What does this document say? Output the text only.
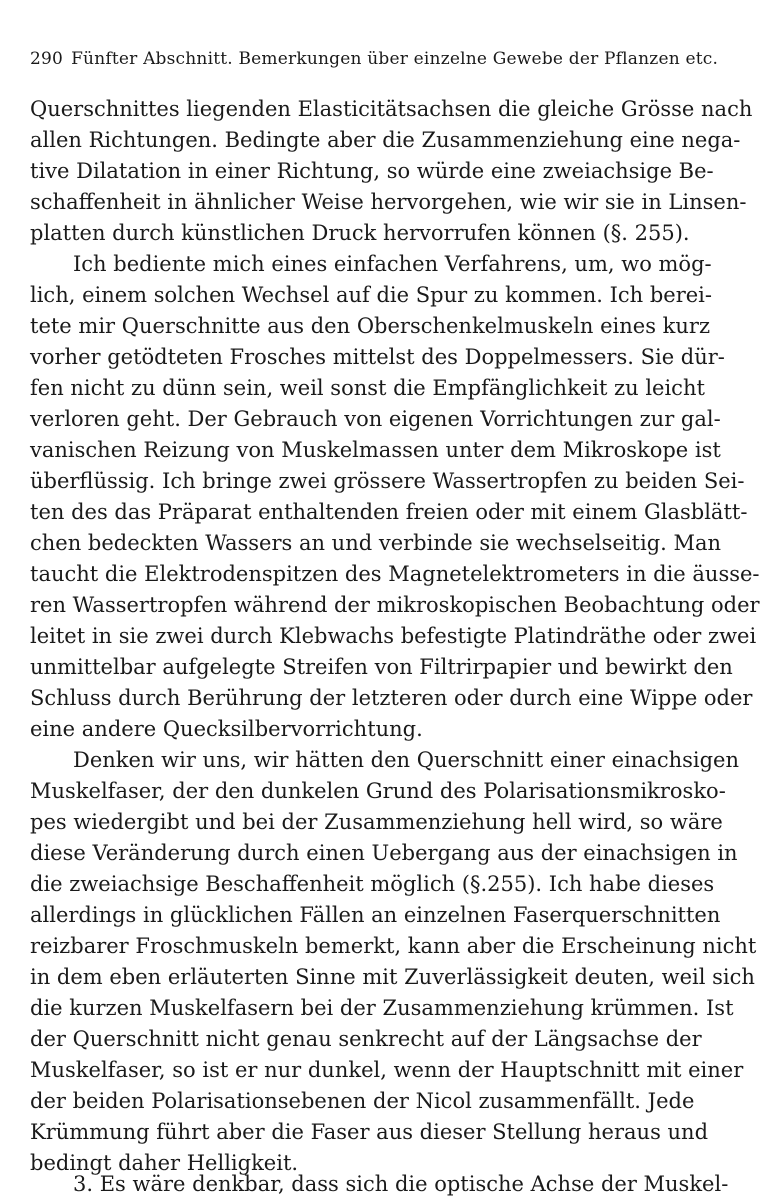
290 Fünfter Abschnitt. Bemerkungen über einzelne Gewebe der Pflanzen etc.
Querschnittes liegenden Elasticitätsachsen die gleiche Grösse nach
allen Richtungen. Bedingte aber die Zusammenziehung eine nega-
tive Dilatation in einer Richtung, so würde eine zweiachsige Be-
schaffenheit in ähnlicher Weise hervorgehen, wie wir sie in Linsen-
platten durch künstlichen Druck hervorrufen können (§. 255).
Ich bediente mich eines einfachen Verfahrens, um, wo mög-
lich, einem solchen Wechsel auf die Spur zu kommen. Ich berei-
tete mir Querschnitte aus den Oberschenkelmuskeln eines kurz
vorher getödteten Frosches mittelst des Doppelmessers. Sie dür-
fen nicht zu dünn sein, weil sonst die Empfänglichkeit zu leicht
verloren geht. Der Gebrauch von eigenen Vorrichtungen zur gal-
vanischen Reizung von Muskelmassen unter dem Mikroskope ist
überflüssig. Ich bringe zwei grössere Wassertropfen zu beiden Sei-
ten des das Präparat enthaltenden freien oder mit einem Glasblätt-
chen bedeckten Wassers an und verbinde sie wechselseitig. Man
taucht die Elektrodenspitzen des Magnetelektrometers in die äusse-
ren Wassertropfen während der mikroskopischen Beobachtung oder
leitet in sie zwei durch Klebwachs befestigte Platindräthe oder zwei
unmittelbar aufgelegte Streifen von Filtrirpapier und bewirkt den
Schluss durch Berührung der letzteren oder durch eine Wippe oder
eine andere Quecksilbervorrichtung.
Denken wir uns, wir hätten den Querschnitt einer einachsigen
Muskelfaser, der den dunkelen Grund des Polarisationsmikrosko-
pes wiedergibt und bei der Zusammenziehung hell wird, so wäre
diese Veränderung durch einen Uebergang aus der einachsigen in
die zweiachsige Beschaffenheit möglich (§.255). Ich habe dieses
allerdings in glücklichen Fällen an einzelnen Faserquerschnitten
reizbarer Froschmuskeln bemerkt, kann aber die Erscheinung nicht
in dem eben erläuterten Sinne mit Zuverlässigkeit deuten, weil sich
die kurzen Muskelfasern bei der Zusammenziehung krümmen. Ist
der Querschnitt nicht genau senkrecht auf der Längsachse der
Muskelfaser, so ist er nur dunkel, wenn der Hauptschnitt mit einer
der beiden Polarisationsebenen der Nicol zusammenfällt. Jede
Krümmung führt aber die Faser aus dieser Stellung heraus und
bedingt daher Helligkeit.
3. Es wäre denkbar, dass sich die optische Achse der Muskel-
